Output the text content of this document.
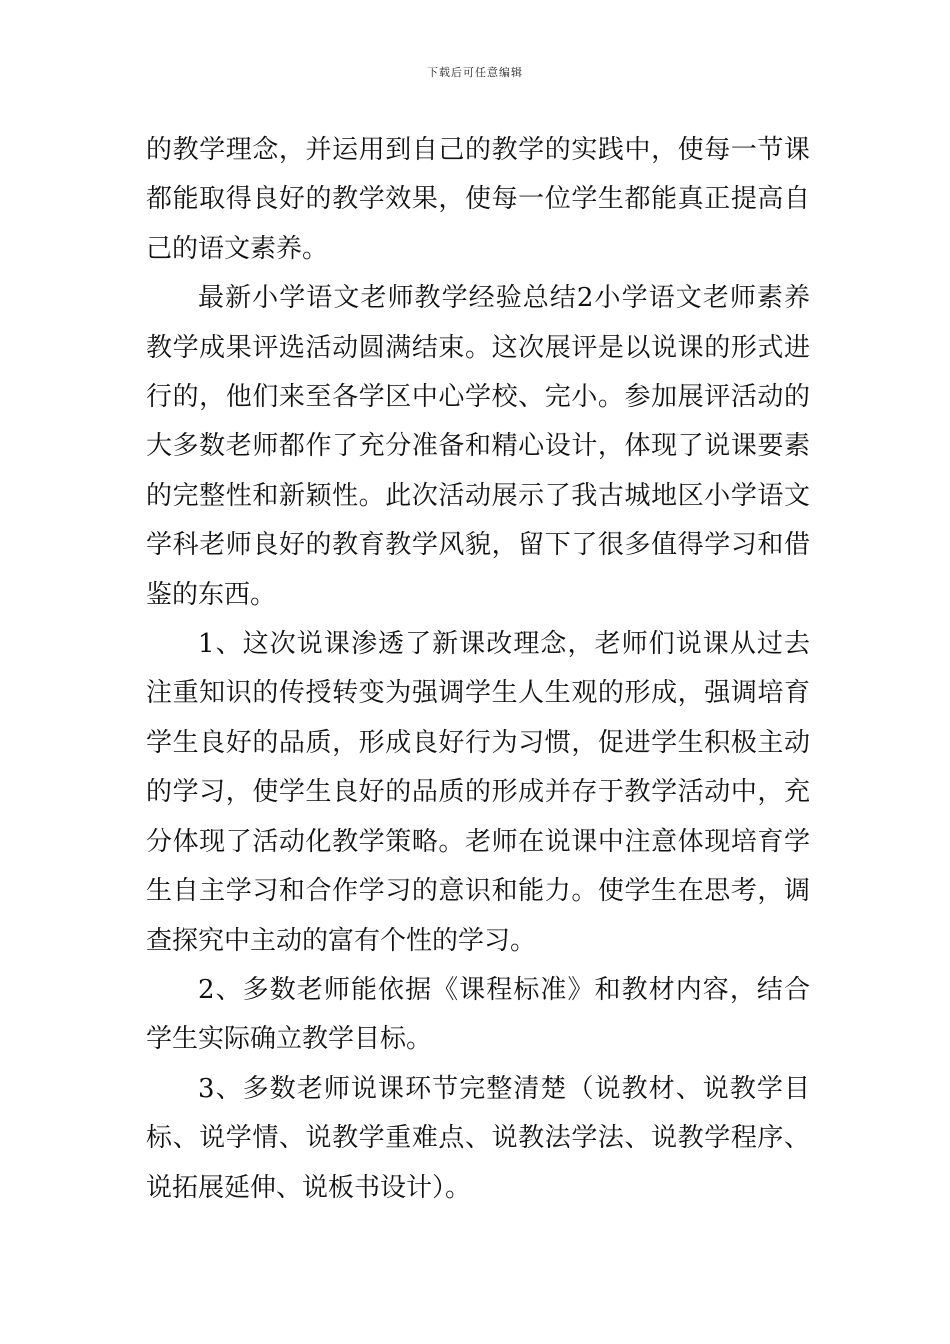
下载后可任意编辑

的教学理念，并运用到自己的教学的实践中，使每一节课都能取得良好的教学效果，使每一位学生都能真正提高自己的语文素养。

最新小学语文老师教学经验总结2小学语文老师素养教学成果评选活动圆满结束。这次展评是以说课的形式进行的，他们来至各学区中心学校、完小。参加展评活动的大多数老师都作了充分准备和精心设计，体现了说课要素的完整性和新颖性。此次活动展示了我古城地区小学语文学科老师良好的教育教学风貌，留下了很多值得学习和借鉴的东西。

1、这次说课渗透了新课改理念，老师们说课从过去注重知识的传授转变为强调学生人生观的形成，强调培育学生良好的品质，形成良好行为习惯，促进学生积极主动的学习，使学生良好的品质的形成并存于教学活动中，充分体现了活动化教学策略。老师在说课中注意体现培育学生自主学习和合作学习的意识和能力。使学生在思考，调查探究中主动的富有个性的学习。

2、多数老师能依据《课程标准》和教材内容，结合学生实际确立教学目标。

3、多数老师说课环节完整清楚（说教材、说教学目标、说学情、说教学重难点、说教法学法、说教学程序、说拓展延伸、说板书设计）。
